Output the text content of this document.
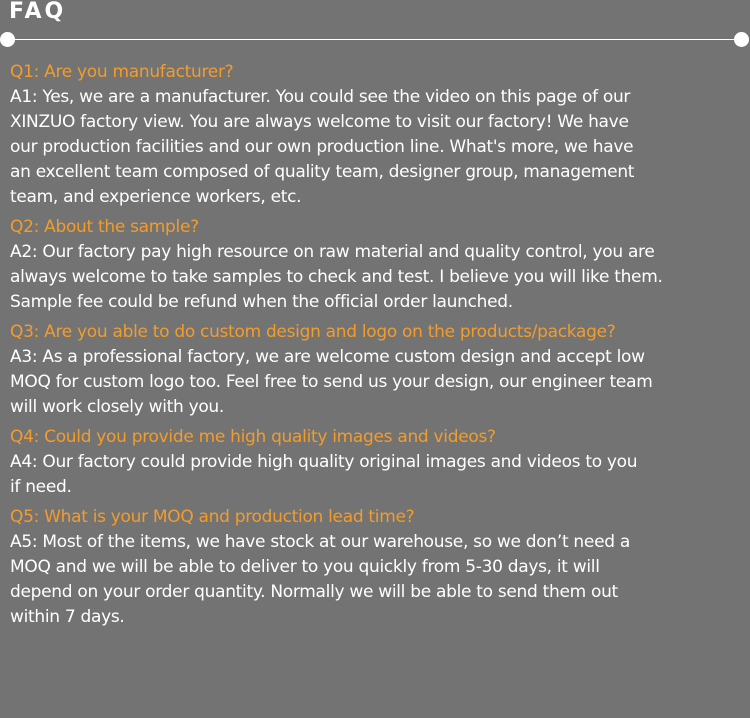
FAQ

Q1: Are you manufacturer?

A1: Yes, we are a manufacturer. You could see the video on this page of our
XINZUO factory view. You are always welcome to visit our factory! We have
our production facilities and our own production line. What's more, we have
an excellent team composed of quality team, designer group, management
team, and experience workers, etc.

Q2: About the sample?

A2: Our factory pay high resource on raw material and quality control, you are
always welcome to take samples to check and test. I believe you will like them.
Sample fee could be refund when the official order launched.

Q3: Are you able to do custom design and logo on the products/package?

A3: As a professional factory, we are welcome custom design and accept low
MOQ for custom logo too. Feel free to send us your design, our engineer team
will work closely with you.

Q4: Could you provide me high quality images and videos?

A4: Our factory could provide high quality original images and videos to you
if need.

Q5: What is your MOQ and production lead time?

A5: Most of the items, we have stock at our warehouse, so we don’t need a
MOQ and we will be able to deliver to you quickly from 5-30 days, it will
depend on your order quantity. Normally we will be able to send them out
within 7 days.
